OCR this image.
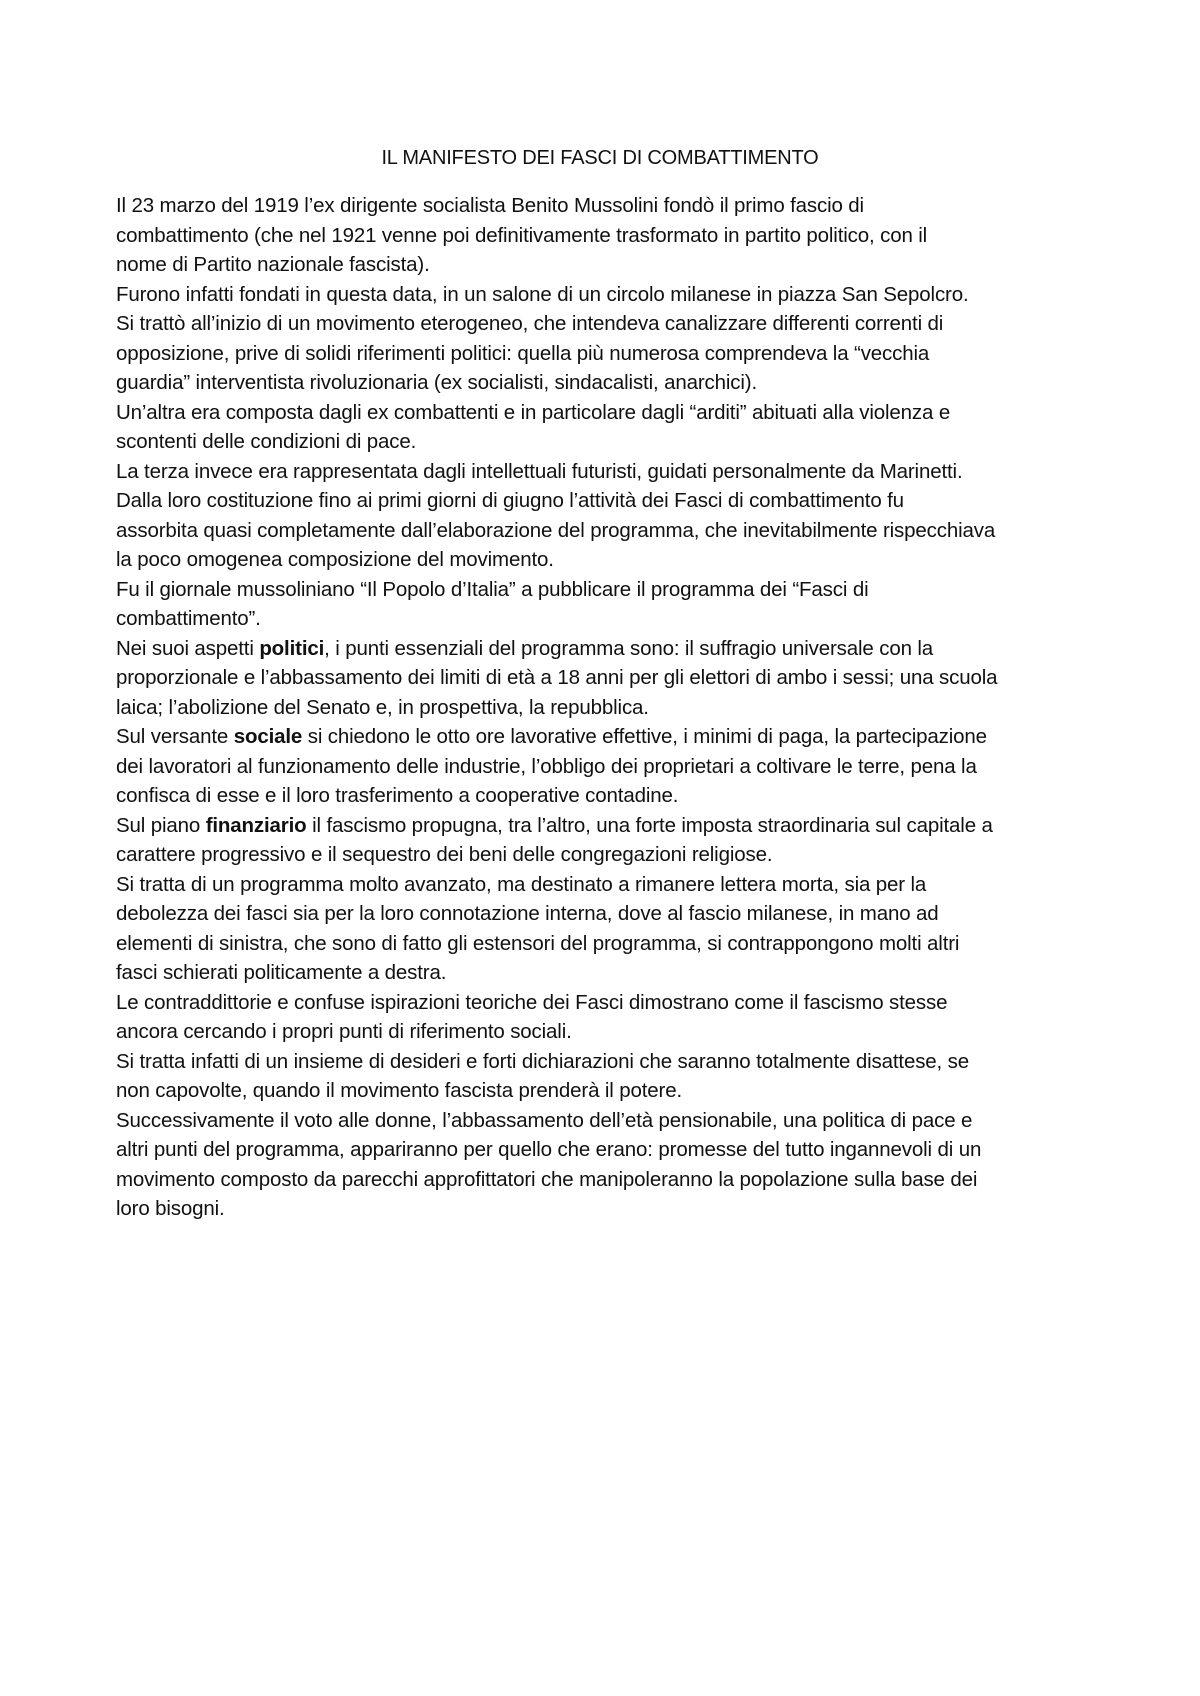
IL MANIFESTO DEI FASCI DI COMBATTIMENTO
Il 23 marzo del 1919 l’ex dirigente socialista Benito Mussolini fondò il primo fascio di
combattimento (che nel 1921 venne poi definitivamente trasformato in partito politico, con il
nome di Partito nazionale fascista).
Furono infatti fondati in questa data, in un salone di un circolo milanese in piazza San Sepolcro.
Si trattò all’inizio di un movimento eterogeneo, che intendeva canalizzare differenti correnti di
opposizione, prive di solidi riferimenti politici: quella più numerosa comprendeva la “vecchia
guardia” interventista rivoluzionaria (ex socialisti, sindacalisti, anarchici).
Un’altra era composta dagli ex combattenti e in particolare dagli “arditi” abituati alla violenza e
scontenti delle condizioni di pace.
La terza invece era rappresentata dagli intellettuali futuristi, guidati personalmente da Marinetti.
Dalla loro costituzione fino ai primi giorni di giugno l’attività dei Fasci di combattimento fu
assorbita quasi completamente dall’elaborazione del programma, che inevitabilmente rispecchiava
la poco omogenea composizione del movimento.
Fu il giornale mussoliniano “Il Popolo d’Italia” a pubblicare il programma dei “Fasci di
combattimento”.
Nei suoi aspetti politici, i punti essenziali del programma sono: il suffragio universale con la
proporzionale e l’abbassamento dei limiti di età a 18 anni per gli elettori di ambo i sessi; una scuola
laica; l’abolizione del Senato e, in prospettiva, la repubblica.
Sul versante sociale si chiedono le otto ore lavorative effettive, i minimi di paga, la partecipazione
dei lavoratori al funzionamento delle industrie, l’obbligo dei proprietari a coltivare le terre, pena la
confisca di esse e il loro trasferimento a cooperative contadine.
Sul piano finanziario il fascismo propugna, tra l’altro, una forte imposta straordinaria sul capitale a
carattere progressivo e il sequestro dei beni delle congregazioni religiose.
Si tratta di un programma molto avanzato, ma destinato a rimanere lettera morta, sia per la
debolezza dei fasci sia per la loro connotazione interna, dove al fascio milanese, in mano ad
elementi di sinistra, che sono di fatto gli estensori del programma, si contrappongono molti altri
fasci schierati politicamente a destra.
Le contraddittorie e confuse ispirazioni teoriche dei Fasci dimostrano come il fascismo stesse
ancora cercando i propri punti di riferimento sociali.
Si tratta infatti di un insieme di desideri e forti dichiarazioni che saranno totalmente disattese, se
non capovolte, quando il movimento fascista prenderà il potere.
Successivamente il voto alle donne, l’abbassamento dell’età pensionabile, una politica di pace e
altri punti del programma, appariranno per quello che erano: promesse del tutto ingannevoli di un
movimento composto da parecchi approfittatori che manipoleranno la popolazione sulla base dei
loro bisogni.
